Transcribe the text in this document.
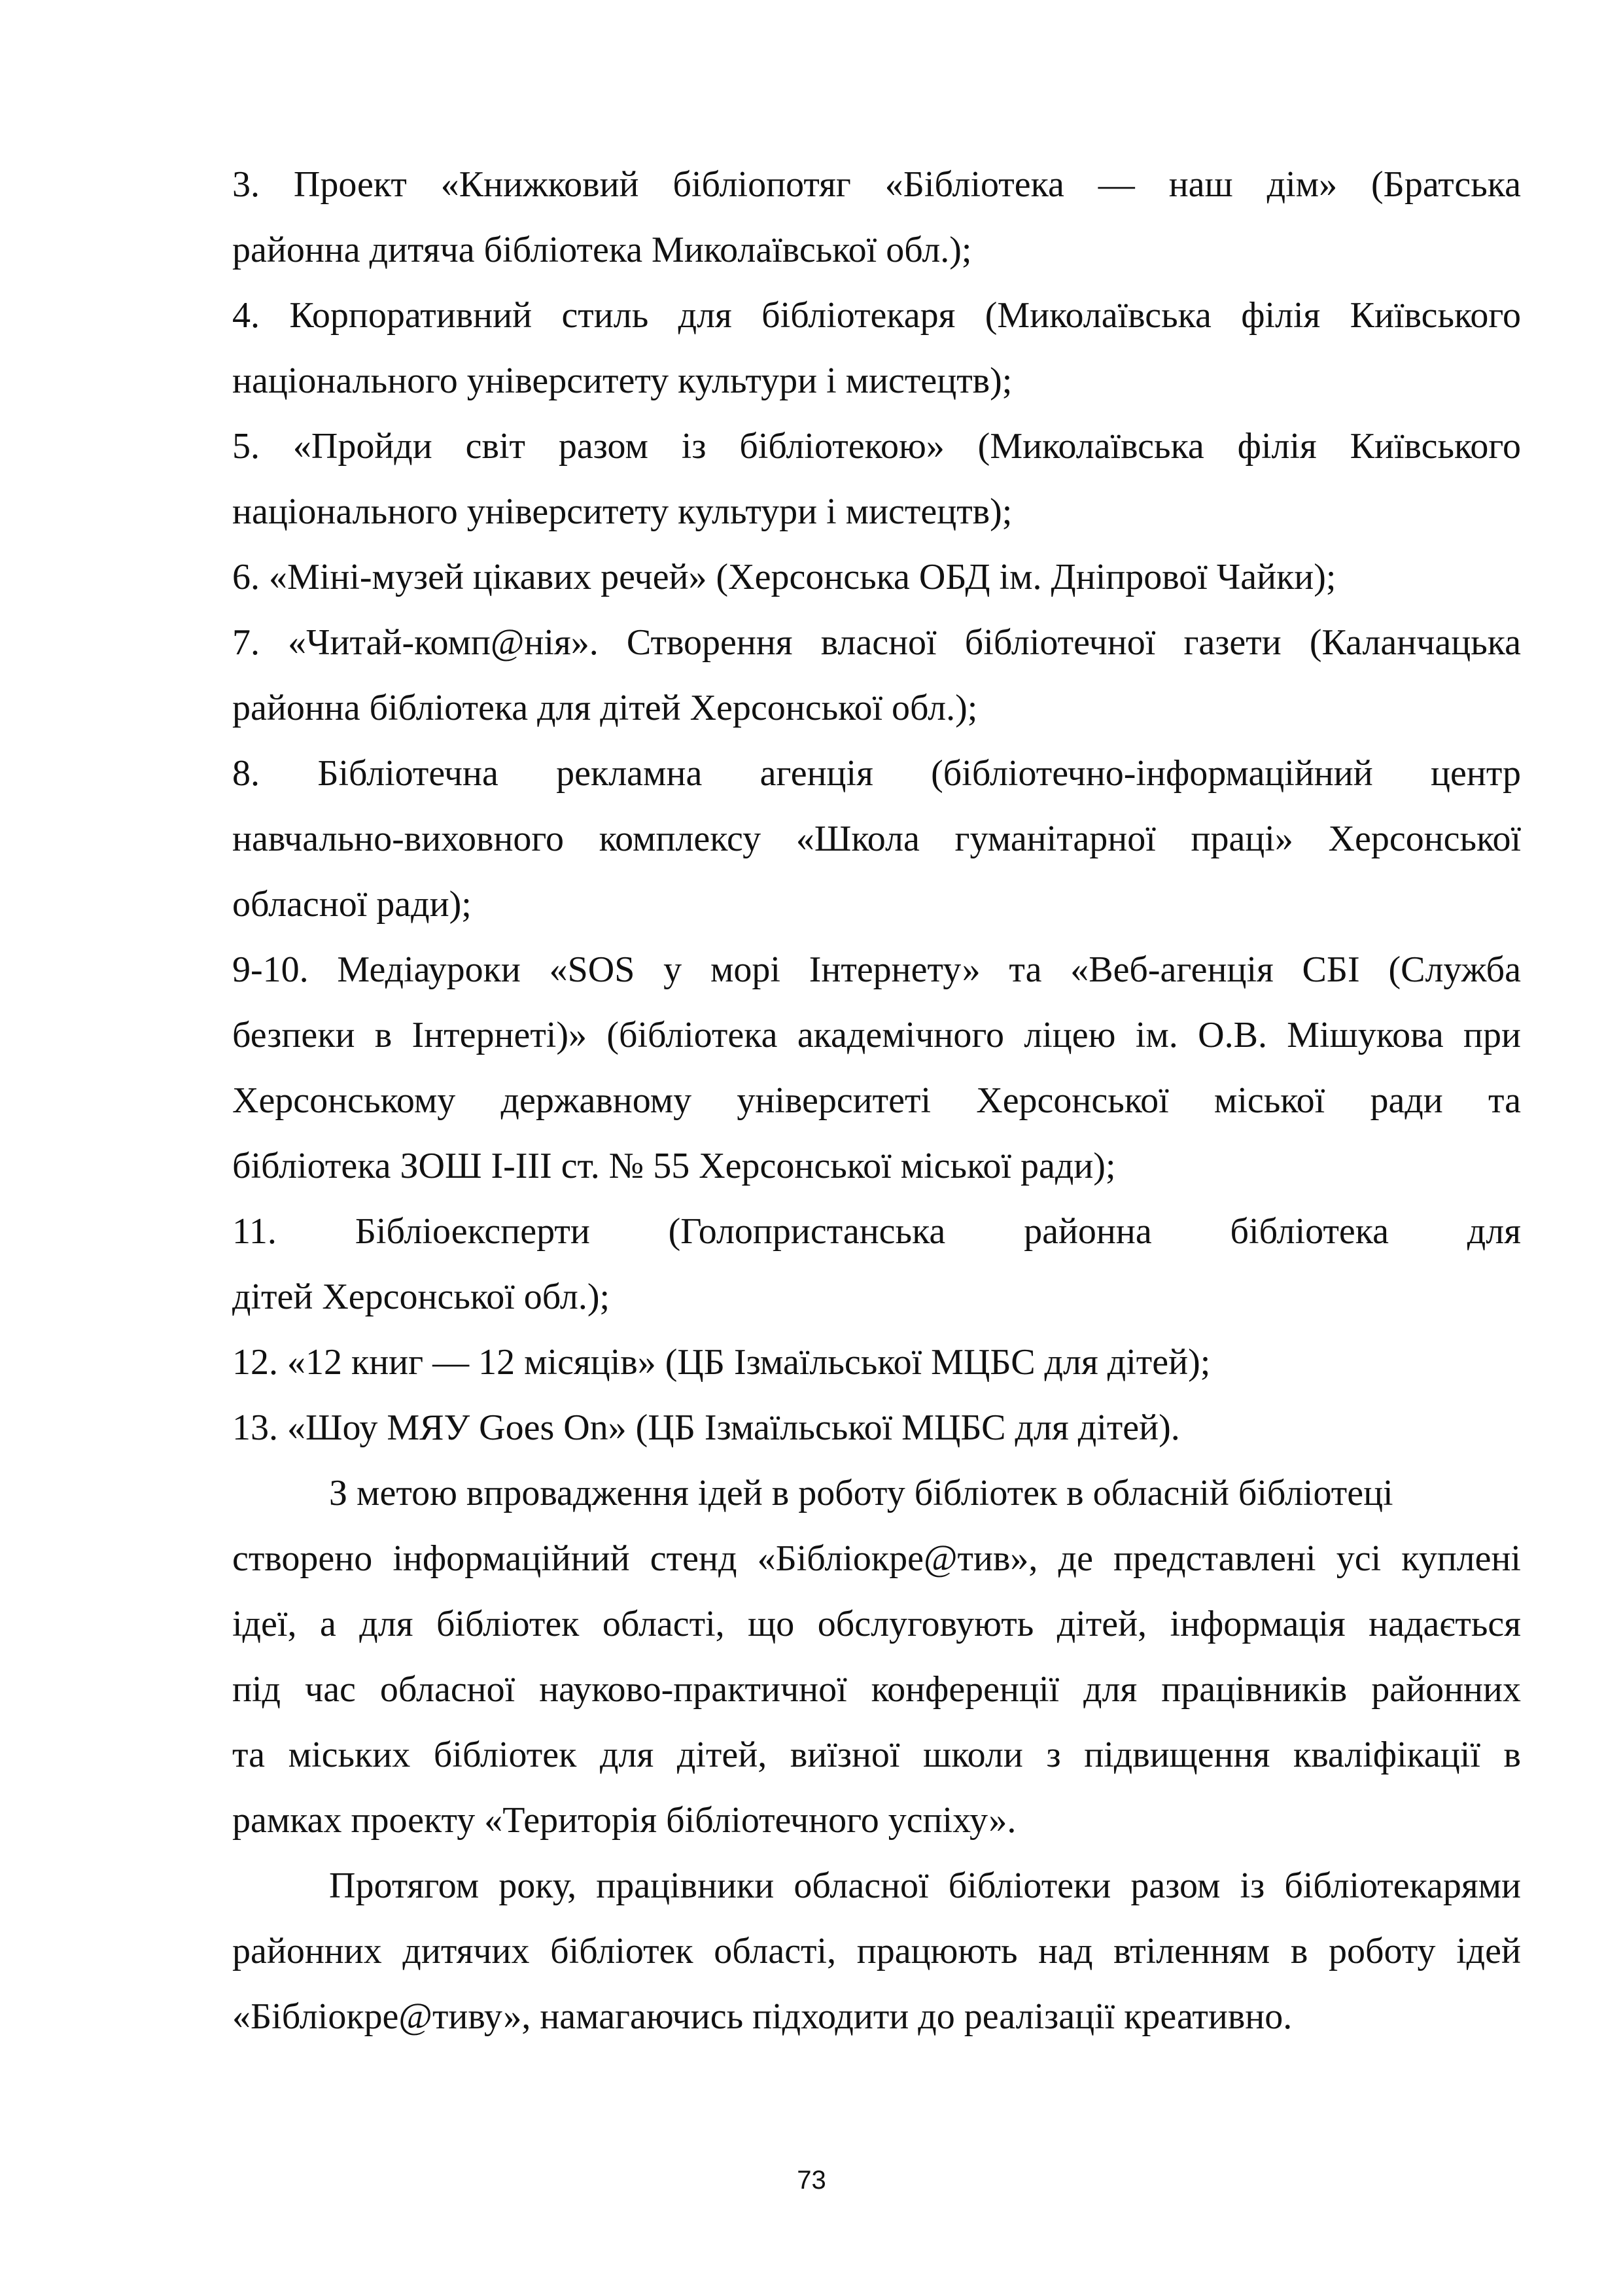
3. Проект «Книжковий бібліопотяг «Бібліотека — наш дім» (Братська
районна дитяча бібліотека Миколаївської обл.);
4. Корпоративний стиль для бібліотекаря (Миколаївська філія Київського
національного університету культури і мистецтв);
5. «Пройди світ разом із бібліотекою» (Миколаївська філія Київського
національного університету культури і мистецтв);
6. «Міні-музей цікавих речей» (Херсонська ОБД ім. Дніпрової Чайки);
7. «Читай-комп@нія». Створення власної бібліотечної газети (Каланчацька
районна бібліотека для дітей Херсонської обл.);
8. Бібліотечна рекламна агенція (бібліотечно-інформаційний центр
навчально-виховного комплексу «Школа гуманітарної праці» Херсонської
обласної ради);
9-10. Медіауроки «SOS у морі Інтернету» та «Веб-агенція СБІ (Служба
безпеки в Інтернеті)» (бібліотека академічного ліцею ім. О.В. Мішукова при
Херсонському державному університеті Херсонської міської ради та
бібліотека ЗОШ І-ІІІ ст. № 55 Херсонської міської ради);
11. Бібліоексперти (Голопристанська районна бібліотека для
дітей Херсонської обл.);
12. «12 книг — 12 місяців» (ЦБ Ізмаїльської МЦБС для дітей);
13. «Шоу МЯУ Goes On» (ЦБ Ізмаїльської МЦБС для дітей).
З метою впровадження ідей в роботу бібліотек в обласній бібліотеці
створено інформаційний стенд «Бібліокре@тив», де представлені усі куплені
ідеї, а для бібліотек області, що обслуговують дітей, інформація надається
під час обласної науково-практичної конференції для працівників районних
та міських бібліотек для дітей, виїзної школи з підвищення кваліфікації в
рамках проекту «Територія бібліотечного успіху».
Протягом року, працівники обласної бібліотеки разом із бібліотекарями
районних дитячих бібліотек області, працюють над втіленням в роботу ідей
«Бібліокре@тиву», намагаючись підходити до реалізації креативно.
73
